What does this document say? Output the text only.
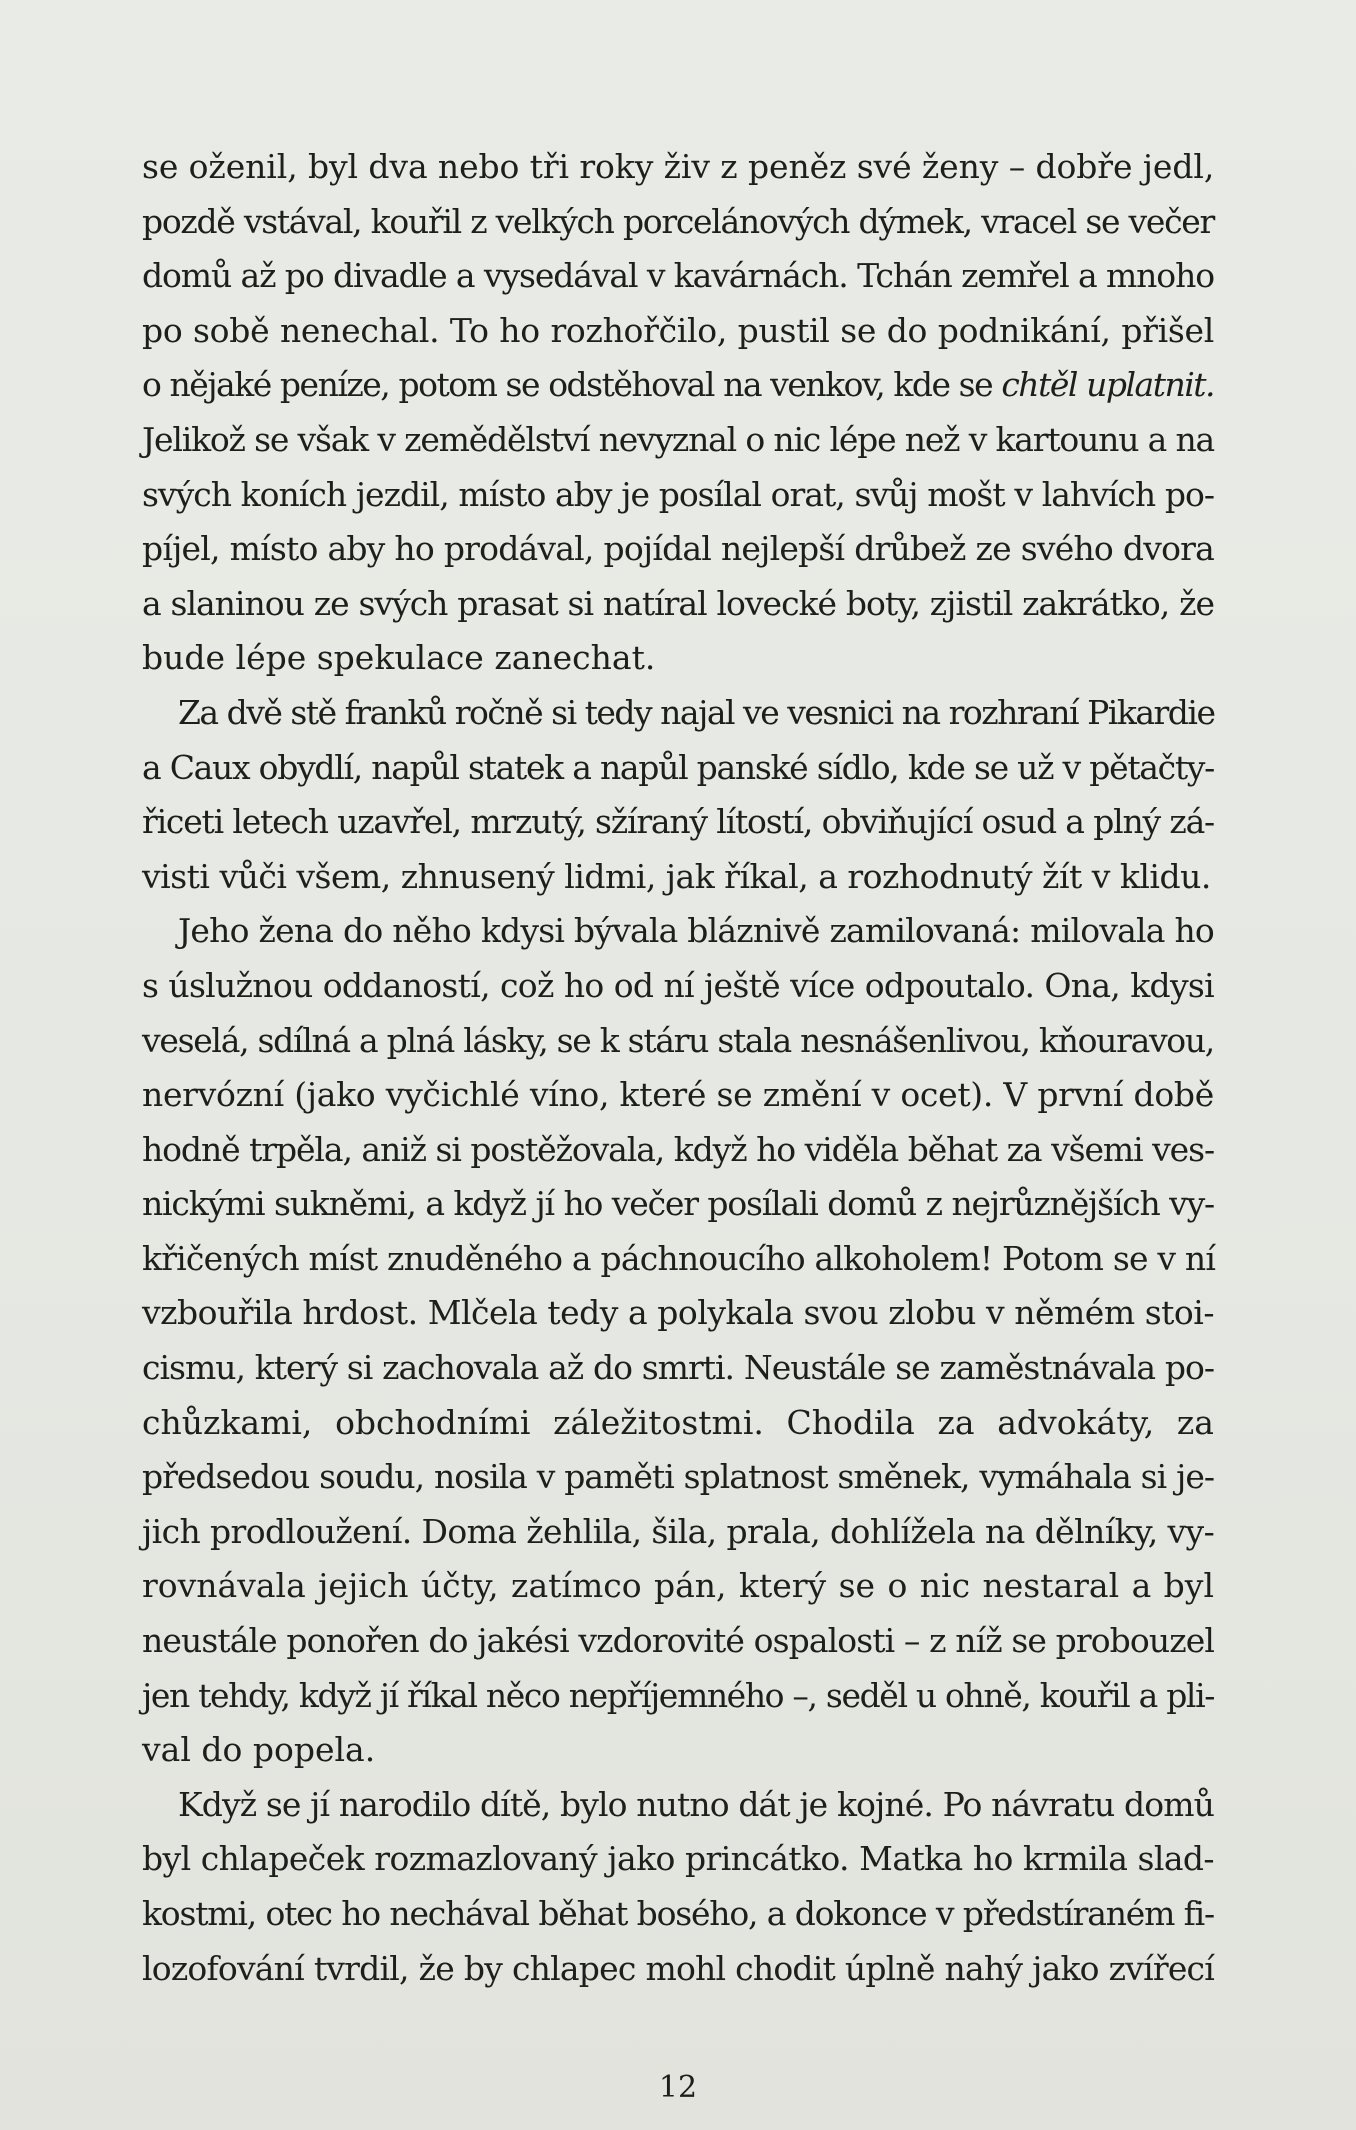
se oženil, byl dva nebo tři roky živ z peněz své ženy – dobře jedl,
pozdě vstával, kouřil z velkých porcelánových dýmek, vracel se večer
domů až po divadle a vysedával v kavárnách. Tchán zemřel a mnoho
po sobě nenechal. To ho rozhořčilo, pustil se do podnikání, přišel
o nějaké peníze, potom se odstěhoval na venkov, kde se chtěl uplatnit.
Jelikož se však v zemědělství nevyznal o nic lépe než v kartounu a na
svých koních jezdil, místo aby je posílal orat, svůj mošt v lahvích po-
píjel, místo aby ho prodával, pojídal nejlepší drůbež ze svého dvora
a slaninou ze svých prasat si natíral lovecké boty, zjistil zakrátko, že
bude lépe spekulace zanechat.

Za dvě stě franků ročně si tedy najal ve vesnici na rozhraní Pikardie
a Caux obydlí, napůl statek a napůl panské sídlo, kde se už v pětačty-
řiceti letech uzavřel, mrzutý, sžíraný lítostí, obviňující osud a plný zá-
visti vůči všem, zhnusený lidmi, jak říkal, a rozhodnutý žít v klidu.

Jeho žena do něho kdysi bývala bláznivě zamilovaná: milovala ho
s úslužnou oddaností, což ho od ní ještě více odpoutalo. Ona, kdysi
veselá, sdílná a plná lásky, se k stáru stala nesnášenlivou, kňouravou,
nervózní (jako vyčichlé víno, které se změní v ocet). V první době
hodně trpěla, aniž si postěžovala, když ho viděla běhat za všemi ves-
nickými sukněmi, a když jí ho večer posílali domů z nejrůznějších vy-
křičených míst znuděného a páchnoucího alkoholem! Potom se v ní
vzbouřila hrdost. Mlčela tedy a polykala svou zlobu v němém stoi-
cismu, který si zachovala až do smrti. Neustále se zaměstnávala po-
chůzkami, obchodními záležitostmi. Chodila za advokáty, za
předsedou soudu, nosila v paměti splatnost směnek, vymáhala si je-
jich prodloužení. Doma žehlila, šila, prala, dohlížela na dělníky, vy-
rovnávala jejich účty, zatímco pán, který se o nic nestaral a byl
neustále ponořen do jakési vzdorovité ospalosti – z níž se probouzel
jen tehdy, když jí říkal něco nepříjemného –, seděl u ohně, kouřil a pli-
val do popela.

Když se jí narodilo dítě, bylo nutno dát je kojné. Po návratu domů
byl chlapeček rozmazlovaný jako princátko. Matka ho krmila slad-
kostmi, otec ho nechával běhat bosého, a dokonce v předstíraném fi-
lozofování tvrdil, že by chlapec mohl chodit úplně nahý jako zvířecí

12
